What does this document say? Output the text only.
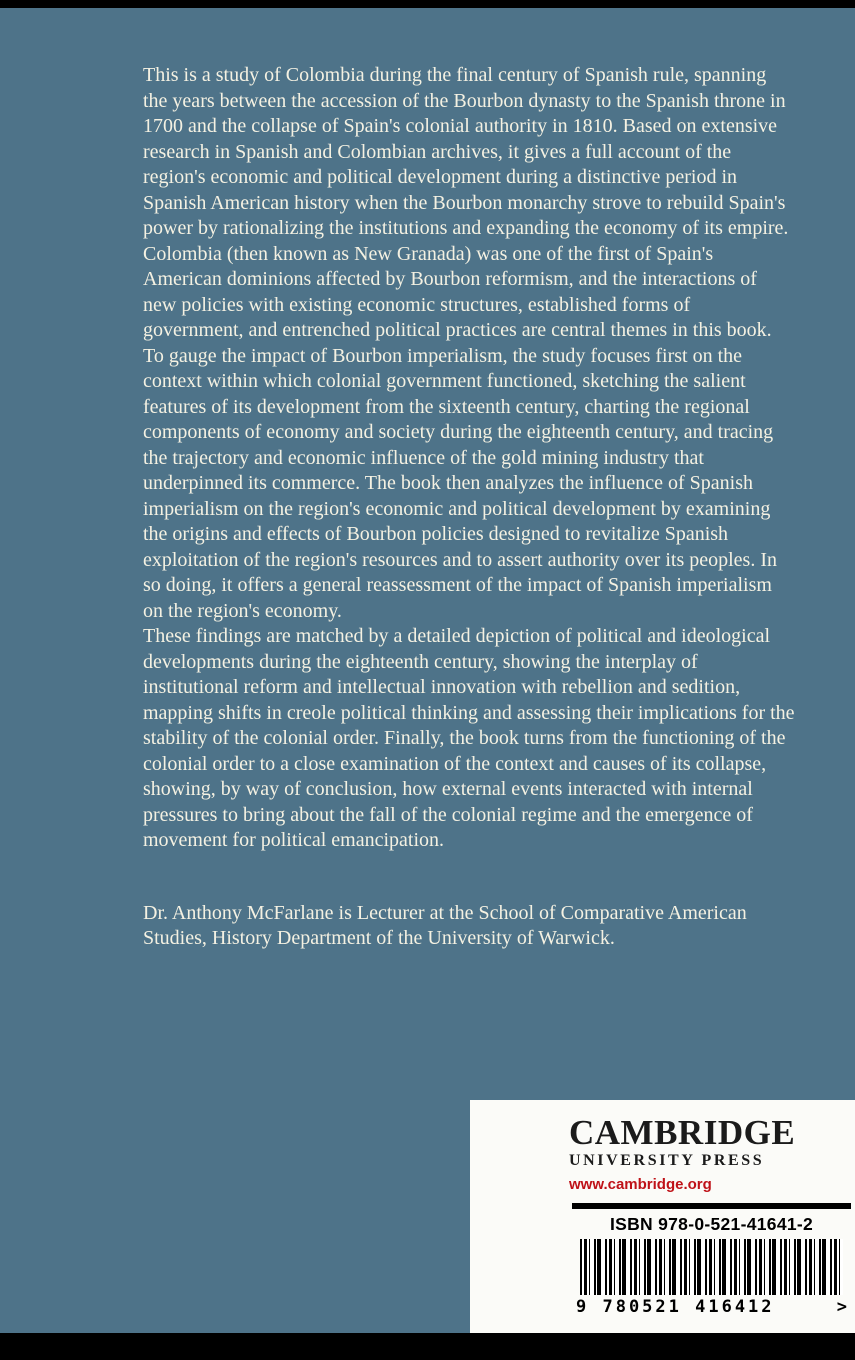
This is a study of Colombia during the final century of Spanish rule, spanning the years between the accession of the Bourbon dynasty to the Spanish throne in 1700 and the collapse of Spain's colonial authority in 1810. Based on extensive research in Spanish and Colombian archives, it gives a full account of the region's economic and political development during a distinctive period in Spanish American history when the Bourbon monarchy strove to rebuild Spain's power by rationalizing the institutions and expanding the economy of its empire. Colombia (then known as New Granada) was one of the first of Spain's American dominions affected by Bourbon reformism, and the interactions of new policies with existing economic structures, established forms of government, and entrenched political practices are central themes in this book.

To gauge the impact of Bourbon imperialism, the study focuses first on the context within which colonial government functioned, sketching the salient features of its development from the sixteenth century, charting the regional components of economy and society during the eighteenth century, and tracing the trajectory and economic influence of the gold mining industry that underpinned its commerce. The book then analyzes the influence of Spanish imperialism on the region's economic and political development by examining the origins and effects of Bourbon policies designed to revitalize Spanish exploitation of the region's resources and to assert authority over its peoples. In so doing, it offers a general reassessment of the impact of Spanish imperialism on the region's economy.

These findings are matched by a detailed depiction of political and ideological developments during the eighteenth century, showing the interplay of institutional reform and intellectual innovation with rebellion and sedition, mapping shifts in creole political thinking and assessing their implications for the stability of the colonial order. Finally, the book turns from the functioning of the colonial order to a close examination of the context and causes of its collapse, showing, by way of conclusion, how external events interacted with internal pressures to bring about the fall of the colonial regime and the emergence of movement for political emancipation.

Dr. Anthony McFarlane is Lecturer at the School of Comparative American Studies, History Department of the University of Warwick.

CAMBRIDGE
UNIVERSITY PRESS
www.cambridge.org
ISBN 978-0-521-41641-2
9 780521 416412	>
